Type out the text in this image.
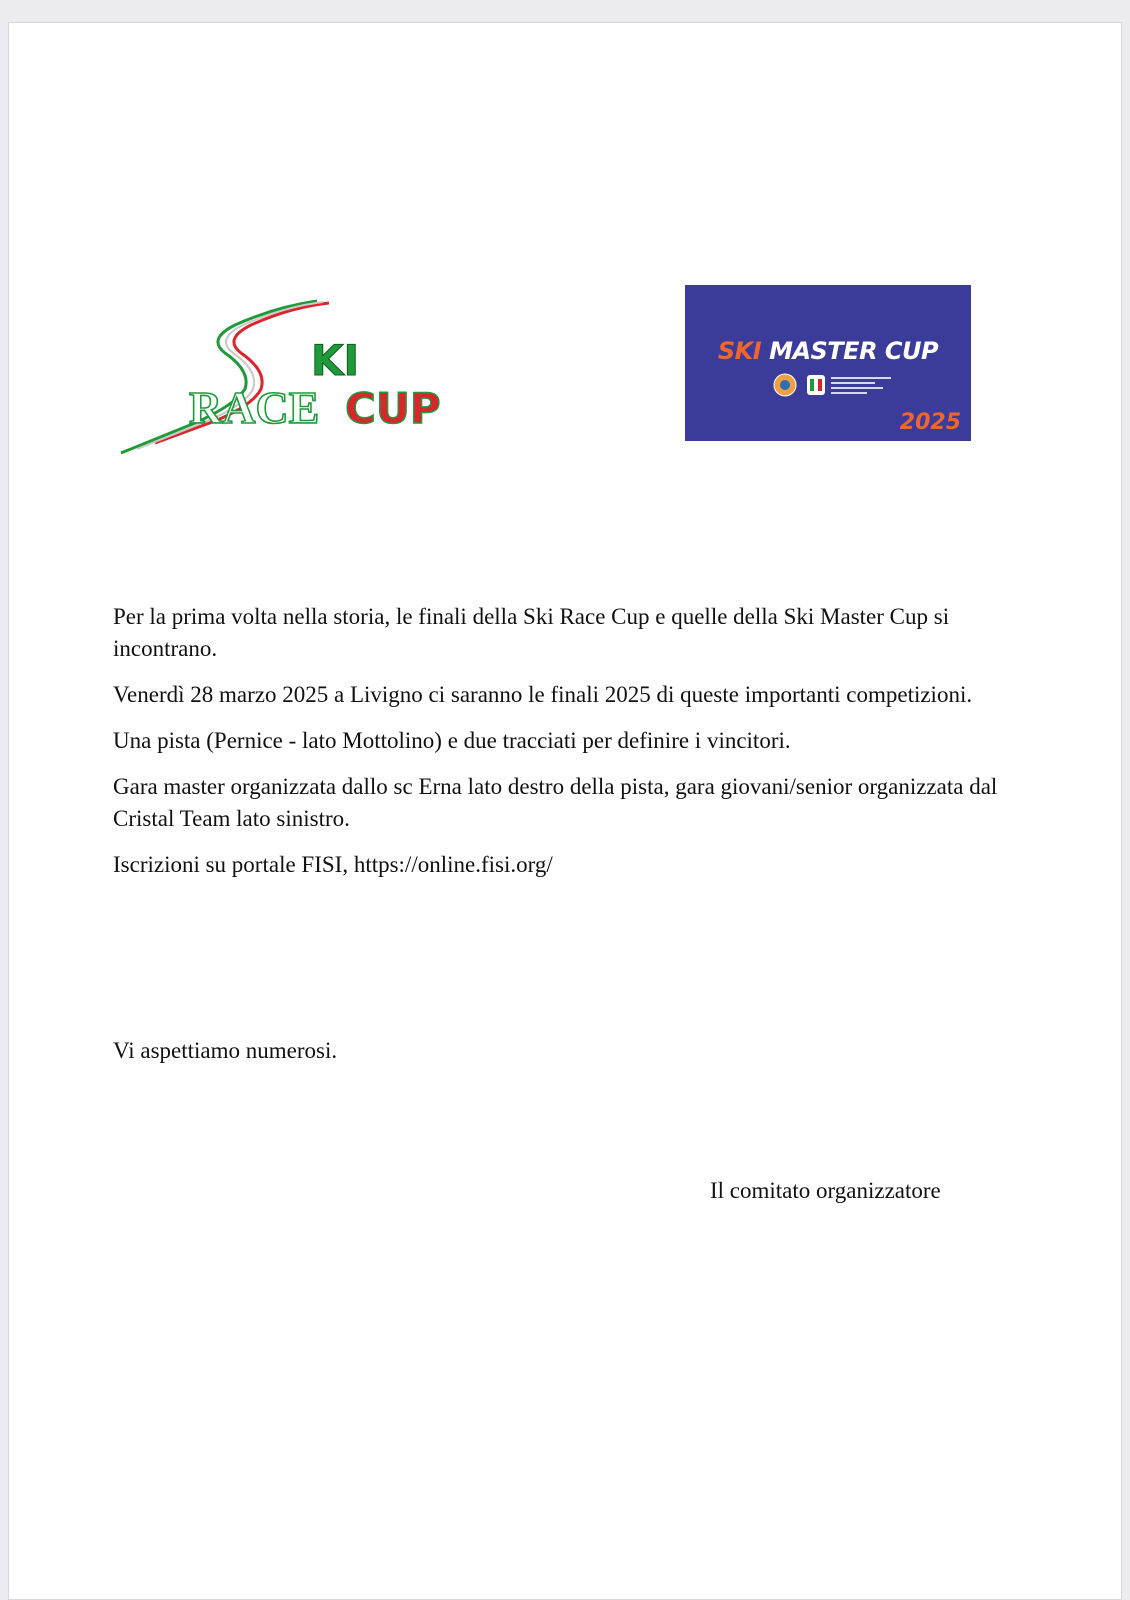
KI
RACE CUP
SKI MASTER CUP
2025

Per la prima volta nella storia, le finali della Ski Race Cup e quelle della Ski Master Cup si incontrano.

Venerdì 28 marzo 2025 a Livigno ci saranno le finali 2025 di queste importanti competizioni.

Una pista (Pernice - lato Mottolino) e due tracciati per definire i vincitori.

Gara master organizzata dallo sc Erna lato destro della pista, gara giovani/senior organizzata dal Cristal Team lato sinistro.

Iscrizioni su portale FISI, https://online.fisi.org/

Vi aspettiamo numerosi.

Il comitato organizzatore
